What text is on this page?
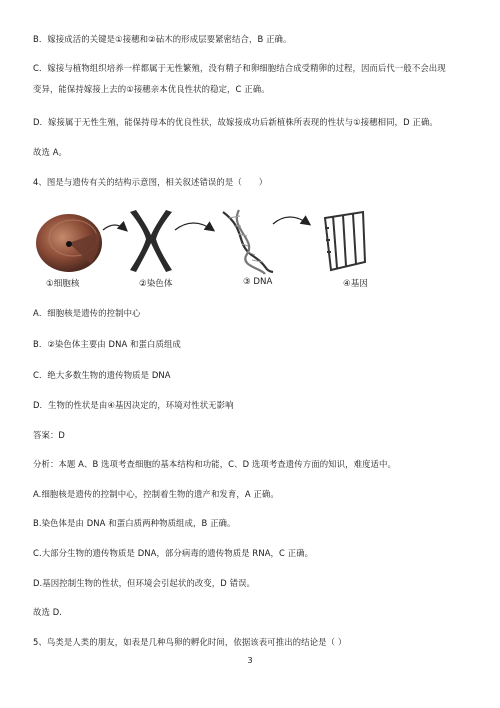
B．嫁接成活的关键是①接穗和②砧木的形成层要紧密结合，B 正确。
C．嫁接与植物组织培养一样都属于无性繁殖，没有精子和卵细胞结合成受精卵的过程，因而后代一般不会出现
变异，能保持嫁接上去的①接穗亲本优良性状的稳定，C 正确。
D．嫁接属于无性生殖，能保持母本的优良性状，故嫁接成功后新植株所表现的性状与①接穗相同，D 正确。
故选 A。
4、图是与遗传有关的结构示意图，相关叙述错误的是（　　）
①细胞核	②染色体	③ DNA	④基因
A．细胞核是遗传的控制中心
B．②染色体主要由 DNA 和蛋白质组成
C．绝大多数生物的遗传物质是 DNA
D．生物的性状是由④基因决定的，环境对性状无影响
答案：D
分析：本题 A、B 选项考查细胞的基本结构和功能，C、D 选项考查遗传方面的知识，难度适中。
A.细胞核是遗传的控制中心，控制着生物的遗产和发育，A 正确。
B.染色体是由 DNA 和蛋白质两种物质组成，B 正确。
C.大部分生物的遗传物质是 DNA，部分病毒的遗传物质是 RNA，C 正确。
D.基因控制生物的性状，但环境会引起状的改变，D 错误。
故选 D.
5、鸟类是人类的朋友，如表是几种鸟卵的孵化时间，依据该表可推出的结论是（ ）
3
